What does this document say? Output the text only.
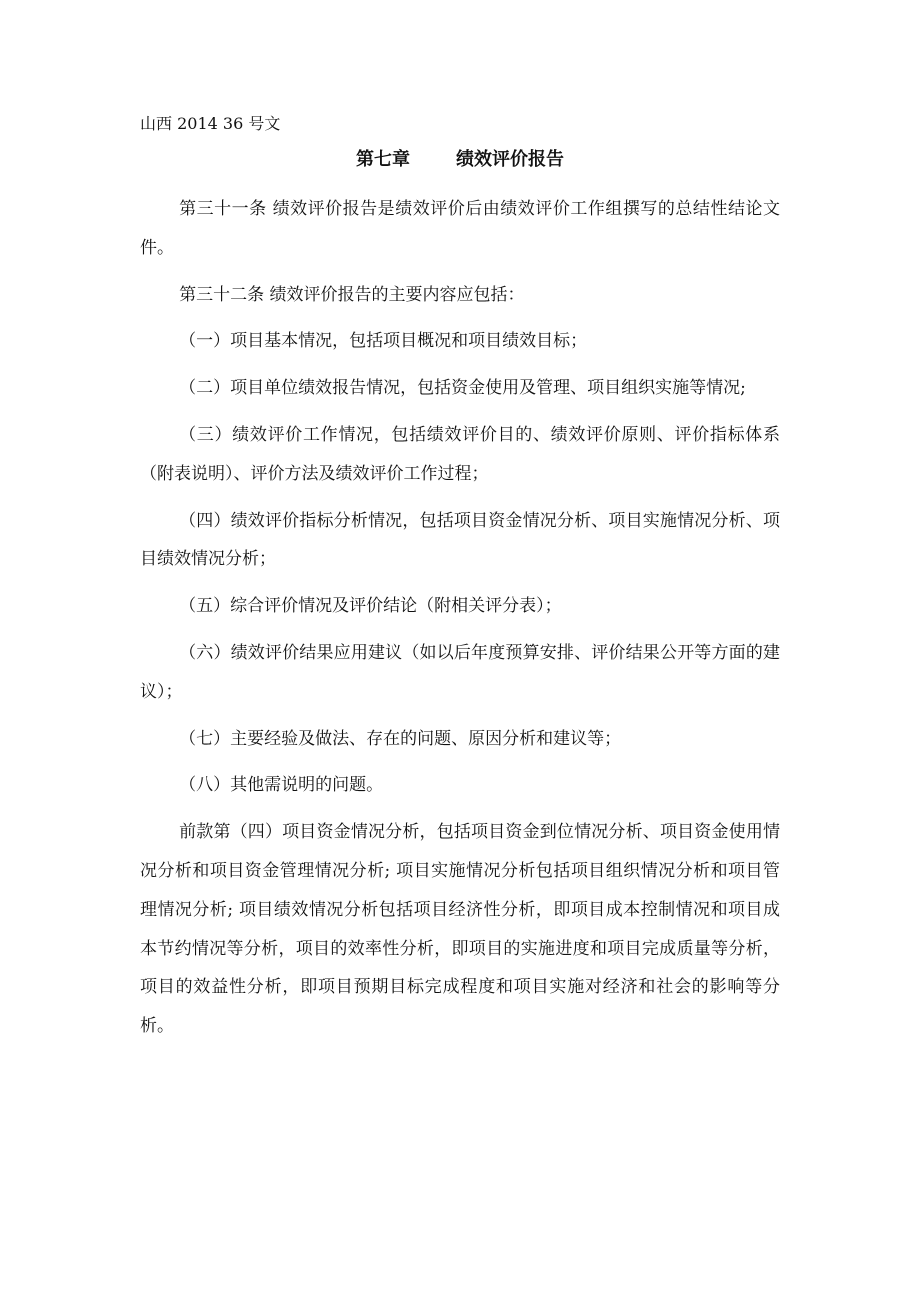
山西 2014 36 号文
第七章	绩效评价报告

第三十一条 绩效评价报告是绩效评价后由绩效评价工作组撰写的总结性结论文件。

第三十二条 绩效评价报告的主要内容应包括：

（一）项目基本情况，包括项目概况和项目绩效目标；

（二）项目单位绩效报告情况，包括资金使用及管理、项目组织实施等情况;

（三）绩效评价工作情况，包括绩效评价目的、绩效评价原则、评价指标体系（附表说明）、评价方法及绩效评价工作过程；

（四）绩效评价指标分析情况，包括项目资金情况分析、项目实施情况分析、项目绩效情况分析；

（五）综合评价情况及评价结论（附相关评分表）；

（六）绩效评价结果应用建议（如以后年度预算安排、评价结果公开等方面的建议）；

（七）主要经验及做法、存在的问题、原因分析和建议等；

（八）其他需说明的问题。

前款第（四）项目资金情况分析，包括项目资金到位情况分析、项目资金使用情况分析和项目资金管理情况分析; 项目实施情况分析包括项目组织情况分析和项目管理情况分析; 项目绩效情况分析包括项目经济性分析，即项目成本控制情况和项目成本节约情况等分析，项目的效率性分析，即项目的实施进度和项目完成质量等分析，项目的效益性分析，即项目预期目标完成程度和项目实施对经济和社会的影响等分析。
